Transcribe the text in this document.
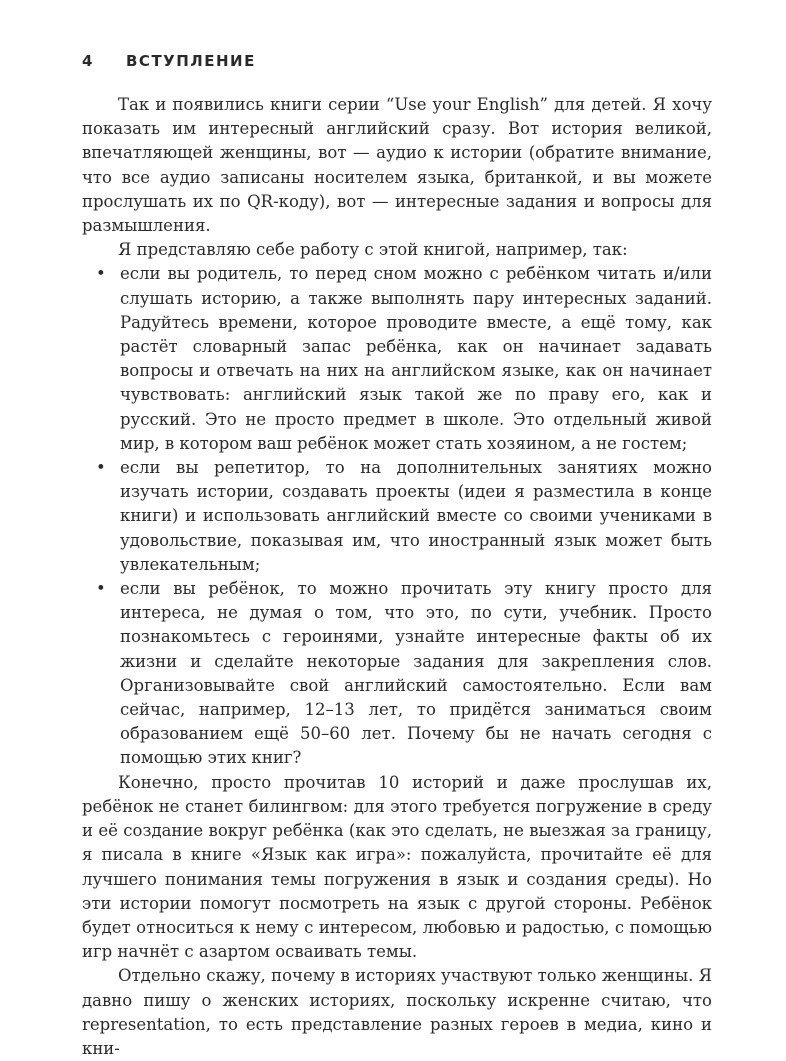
4 ВСТУПЛЕНИЕ

Так и появились книги серии “Use your English” для детей. Я хочу показать им интересный английский сразу. Вот история великой, впечатляющей женщины, вот — аудио к истории (обратите внимание, что все аудио записаны носителем языка, британкой, и вы можете прослушать их по QR-коду), вот — интересные задания и вопросы для размышления.

Я представляю себе работу с этой книгой, например, так:

• если вы родитель, то перед сном можно с ребёнком читать и/или слушать историю, а также выполнять пару интересных заданий. Радуйтесь времени, которое проводите вместе, а ещё тому, как растёт словарный запас ребёнка, как он начинает задавать вопросы и отвечать на них на английском языке, как он начинает чувствовать: английский язык такой же по праву его, как и русский. Это не просто предмет в школе. Это отдельный живой мир, в котором ваш ребёнок может стать хозяином, а не гостем;
• если вы репетитор, то на дополнительных занятиях можно изучать истории, создавать проекты (идеи я разместила в конце книги) и использовать английский вместе со своими учениками в удовольствие, показывая им, что иностранный язык может быть увлекательным;
• если вы ребёнок, то можно прочитать эту книгу просто для интереса, не думая о том, что это, по сути, учебник. Просто познакомьтесь с героинями, узнайте интересные факты об их жизни и сделайте некоторые задания для закрепления слов. Организовывайте свой английский самостоятельно. Если вам сейчас, например, 12–13 лет, то придётся заниматься своим образованием ещё 50–60 лет. Почему бы не начать сегодня с помощью этих книг?

Конечно, просто прочитав 10 историй и даже прослушав их, ребёнок не станет билингвом: для этого требуется погружение в среду и её создание вокруг ребёнка (как это сделать, не выезжая за границу, я писала в книге «Язык как игра»: пожалуйста, прочитайте её для лучшего понимания темы погружения в язык и создания среды). Но эти истории помогут посмотреть на язык с другой стороны. Ребёнок будет относиться к нему с интересом, любовью и радостью, с помощью игр начнёт с азартом осваивать темы.

Отдельно скажу, почему в историях участвуют только женщины. Я давно пишу о женских историях, поскольку искренне считаю, что representation, то есть представление разных героев в медиа, кино и кни-
